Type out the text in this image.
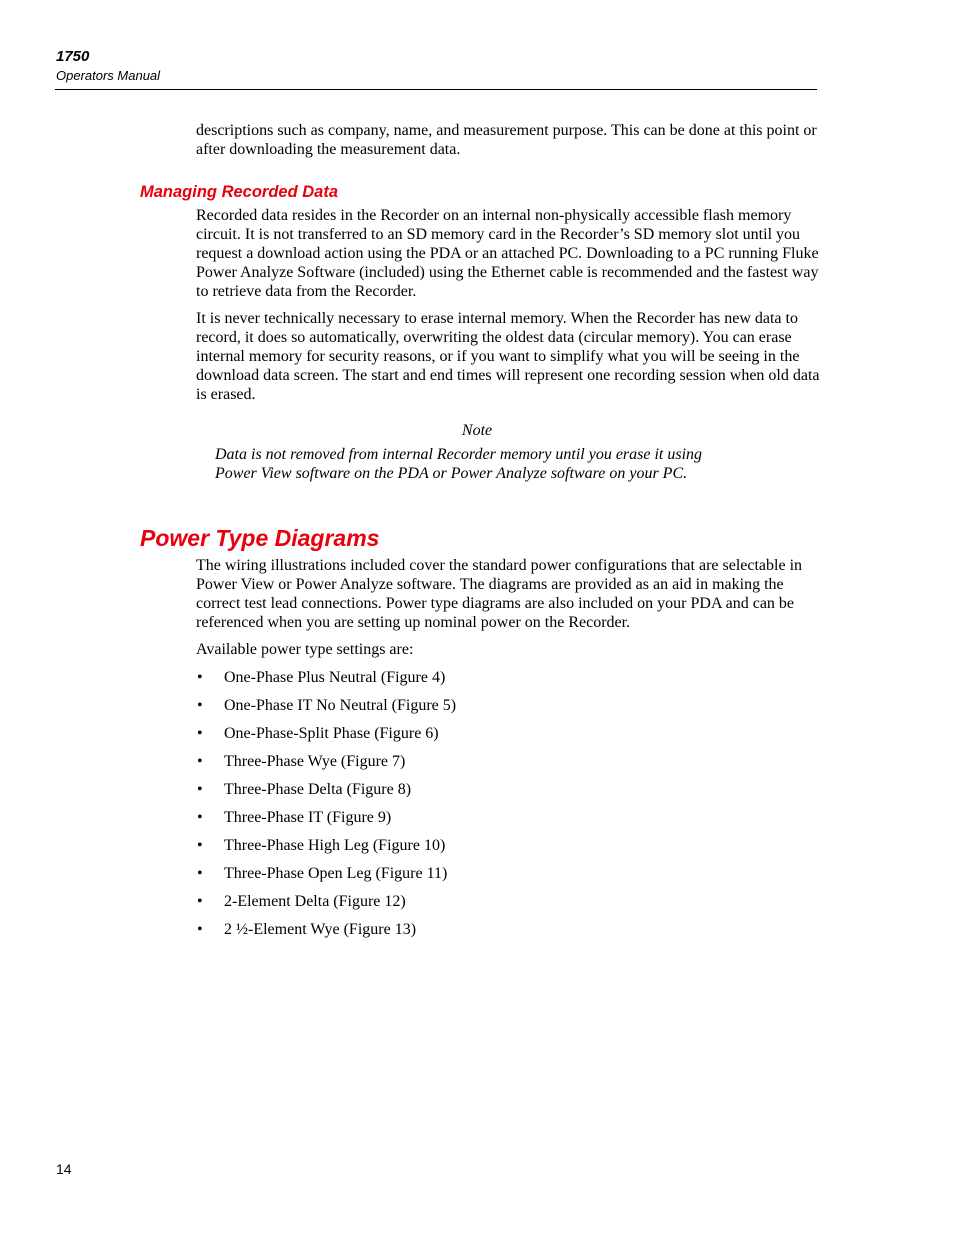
1750
Operators Manual

descriptions such as company, name, and measurement purpose. This can be done at this point or after downloading the measurement data.

Managing Recorded Data

Recorded data resides in the Recorder on an internal non-physically accessible flash memory circuit. It is not transferred to an SD memory card in the Recorder’s SD memory slot until you request a download action using the PDA or an attached PC. Downloading to a PC running Fluke Power Analyze Software (included) using the Ethernet cable is recommended and the fastest way to retrieve data from the Recorder.

It is never technically necessary to erase internal memory. When the Recorder has new data to record, it does so automatically, overwriting the oldest data (circular memory). You can erase internal memory for security reasons, or if you want to simplify what you will be seeing in the download data screen. The start and end times will represent one recording session when old data is erased.

Note

Data is not removed from internal Recorder memory until you erase it using Power View software on the PDA or Power Analyze software on your PC.

Power Type Diagrams

The wiring illustrations included cover the standard power configurations that are selectable in Power View or Power Analyze software. The diagrams are provided as an aid in making the correct test lead connections. Power type diagrams are also included on your PDA and can be referenced when you are setting up nominal power on the Recorder.

Available power type settings are:

• One-Phase Plus Neutral (Figure 4)
• One-Phase IT No Neutral (Figure 5)
• One-Phase-Split Phase (Figure 6)
• Three-Phase Wye (Figure 7)
• Three-Phase Delta (Figure 8)
• Three-Phase IT (Figure 9)
• Three-Phase High Leg (Figure 10)
• Three-Phase Open Leg (Figure 11)
• 2-Element Delta (Figure 12)
• 2 ½-Element Wye (Figure 13)
14
